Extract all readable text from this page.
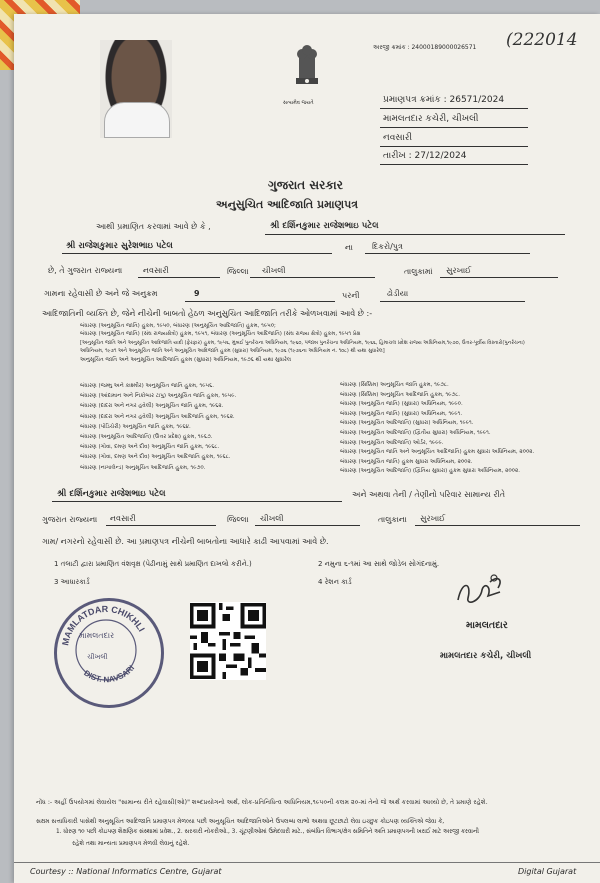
અરજી ક્રમાંક : 240001890000265​71 (222014
સત્યમેવ જયતે	પ્રમાણપત્ર ક્રમાંક : 26571/2024
મામલતદાર કચેરી, ચીખલી
નવસારી
તારીખ : 27/12/2024
ગુજરાત સરકાર
અનુસુચિત આદિજાતિ પ્રમાણપત્ર
આથી પ્રમાણિત કરવામાં આવે છે કે ,	શ્રી દર્શિનકુમાર રાજેશભાઇ પટેલ
શ્રી રાજેશકુમાર સુરેશભાઇ પટેલ	ના દિકરો/પુત્ર
છે, તે ગુજરાત રાજ્યના	નવસારી	જિલ્લા ચીખલી	તાલુકામાં સુરખાઈ
ગામના રહેવાસી છે અને જે અનુક્રમ	9	પરની	ઢોડીયા
આદિજાતિની વ્યક્તિ છે, જેને નીચેની બાબતો હેઠળ અનુસુચિત આદિજાતિ તરીકે ઓળખવામાં આવે છે :-
બંધારણ (અનુસૂચિત જાતિ) હુકમ, ૧૯૫૦, બંધારણ (અનુસૂચિત આદિજાતિ) હુકમ, ૧૯૫૦;
બંધારણ (અનુસૂચિત જાતિ) (સંઘ રાજ્યક્ષેત્રો) હુકમ, ૧૯૫૧, બંધારણ (અનુસૂચિત આદિજાતિ) (સંઘ રાજ્ય ક્ષેત્રો) હુકમ, ૧૯૫૧ પ્રેક્ષ
[અનુસૂચિત જાતિ અને અનુસૂચિત આદિજાતિ યાદી (ફેરફાર) હુકમ, ૧૯૫૬, મુંબઈ પુનર્રચના અધિનિયમ, ૧૯૬૦, પંજાબ પુનર્રચના અધિનિયમ, ૧૯૬૬, હિમાચલ પ્રદેશ રાજ્ય અધિનિયમ,૧૯૭૦, ઉત્તર-પૂર્વીય વિસ્તારો(પુનર્રચના)
અધિનિયમ, ૧૯૭૧ અને અનુસૂચિત જાતિ અને અનુસૂચિત આદિજાતિ હુકમ (સુધારા) અધિનિયમ, ૧૯૭૬ (૧૯૭૬ના અધિનિયમ નં. ૧૦૮) થી યથા સુધારેલ]
અનુસૂચિત જાતિ અને અનુસૂચિત આદિજાતિ હુકમ (સુધારા) અધિનિયમ, ૧૯૭૬ થી યથા સુધારેલ
બંધારણ (જમ્મુ અને કાશ્મીર) અનુસૂચિત જાતિ હુકમ, ૧૯૫૬.
બંધારણ (આંદામાન અને નિકોબાર ટાપુ) અનુસૂચિત જાતિ હુકમ, ૧૯૫૯.
બંધારણ (દાદરા અને નગર હવેલી) અનુસૂચિત જાતિ હુકમ, ૧૯૬૨.
બંધારણ (દાદરા અને નગર હવેલી) અનુસૂચિત આદિજાતિ હુકમ, ૧૯૬૨.
બંધારણ (પોંડિચેરી) અનુસૂચિત જાતિ હુકમ, ૧૯૬૪.
બંધારણ (અનુસૂચિત આદિજાતિ) (ઉત્તર પ્રદેશ) હુકમ, ૧૯૬૭.
બંધારણ (ગોવા, દમણ અને દીવ) અનુસૂચિત જાતિ હુકમ, ૧૯૬૮.
બંધારણ (ગોવા, દમણ અને દીવ) અનુસૂચિત આદિજાતિ હુકમ, ૧૯૬૮.
બંધારણ (નાગાલેન્ડ) અનુસૂચિત આદિજાતિ હુકમ, ૧૯૭૦.
બંધારણ (સિક્કિમ) અનુસૂચિત જાતિ હુકમ, ૧૯૭૮.
બંધારણ (સિક્કિમ) અનુસૂચિત આદિજાતિ હુકમ, ૧૯૭૮.
બંધારણ (અનુસૂચિત જાતિ) (સુધારા) અધિનિયમ, ૧૯૯૦.
બંધારણ (અનુસૂચિત જાતિ) (સુધારા) અધિનિયમ, ૧૯૯૧.
બંધારણ (અનુસૂચિત આદિજાતિ) (સુધારા) અધિનિયમ, ૧૯૯૧.
બંધારણ (અનુસૂચિત આદિજાતિ) (દ્વિતીય સુધારા) અધિનિયમ, ૧૯૯૧.
બંધારણ (અનુસૂચિત આદિજાતિ) ઓર્ડર, ૧૯૯૯.
બંધારણ (અનુસૂચિત જાતિ અને અનુસૂચિત આદિજાતિ) હુકમ સુધારા અધિનિયમ, ૨૦૦૨.
બંધારણ (અનુસૂચિત જાતિ) હુકમ સુધારા અધિનિયમ, ૨૦૦૨.
બંધારણ (અનુસૂચિત આદિજાતિ) (દ્વિતિય સુધારા) હુકમ સુધારા અધિનિયમ, ૨૦૦૨.
શ્રી દર્શિનકુમાર રાજેશભાઇ પટેલ	અને અથવા તેની / તેણીનો પરિવાર સામાન્ય રીતે
ગુજરાત રાજ્યના નવસારી	જિલ્લા ચીખલી	તાલુકાના સુરખાઈ
ગામ/ નગરનો રહેવાસી છે. આ પ્રમાણપત્ર નીચેની બાબતોના આધારે કાઢી આપવામાં આવે છે.
1 તલાટી દ્વારા પ્રમાણિત વંશવૃક્ષ (પેઢીનામું સાથે પ્રમાણિત દાખલો કરીને.)	2 નમુના ૬-૧માં આ સાથે જોડેલ સોગંદનામું.
3 આધારકાર્ડ	4 રેશન કાર્ડ
MAMLATDAR CHIKHLI
DIST. NAVSARI
મામલતદાર
ચીખલી
મામલતદાર
મામલતદાર કચેરી, ચીખલી
નોંધ :- અહીં ઉપયોગમાં લેવાયેલ "સામાન્ય રીતે રહેવાસી(ઓ)" શબ્દપ્રયોગનો અર્થ, લોક-પ્રતિનિધિત્વ અધિનિયમ,૧૯૫૦ની કલમ ૨૦-માં તેનો જે અર્થ કરવામાં આવ્યો છે, તે પ્રમાણે રહેશે.
સક્ષમ સત્તાધિકારી પાસેથી અનુસૂચિત આદિજાતિ પ્રમાણપત્ર મેળવ્યા પછી અનુસૂચિત આદિજાતિઓને ઉપલબ્ધ લાભો અથવા છૂટછાટો લેવા ઇચ્છુક કોઇપણ વ્યક્તિએ જેવા કે,
1. ધોરણ ૧૦ પછી કોઇપણ શૈક્ષણિક સંસ્થામાં પ્રવેશ., 2. સરકારી નોકરીઓ., 3. ચૂંટણીઓમાં ઉમેદવારી માટે., સંબંધિત વિભાગ/ક્ષેત્ર સમિતિને અતિ પ્રમાણપત્રની ખરાઈ માટે અરજી કરવાની
રહેશે તથા માન્યતા પ્રમાણપત્ર મેળવી લેવાનું રહેશે.
Courtesy :: National Informatics Centre, Gujarat	Digital Gujarat
